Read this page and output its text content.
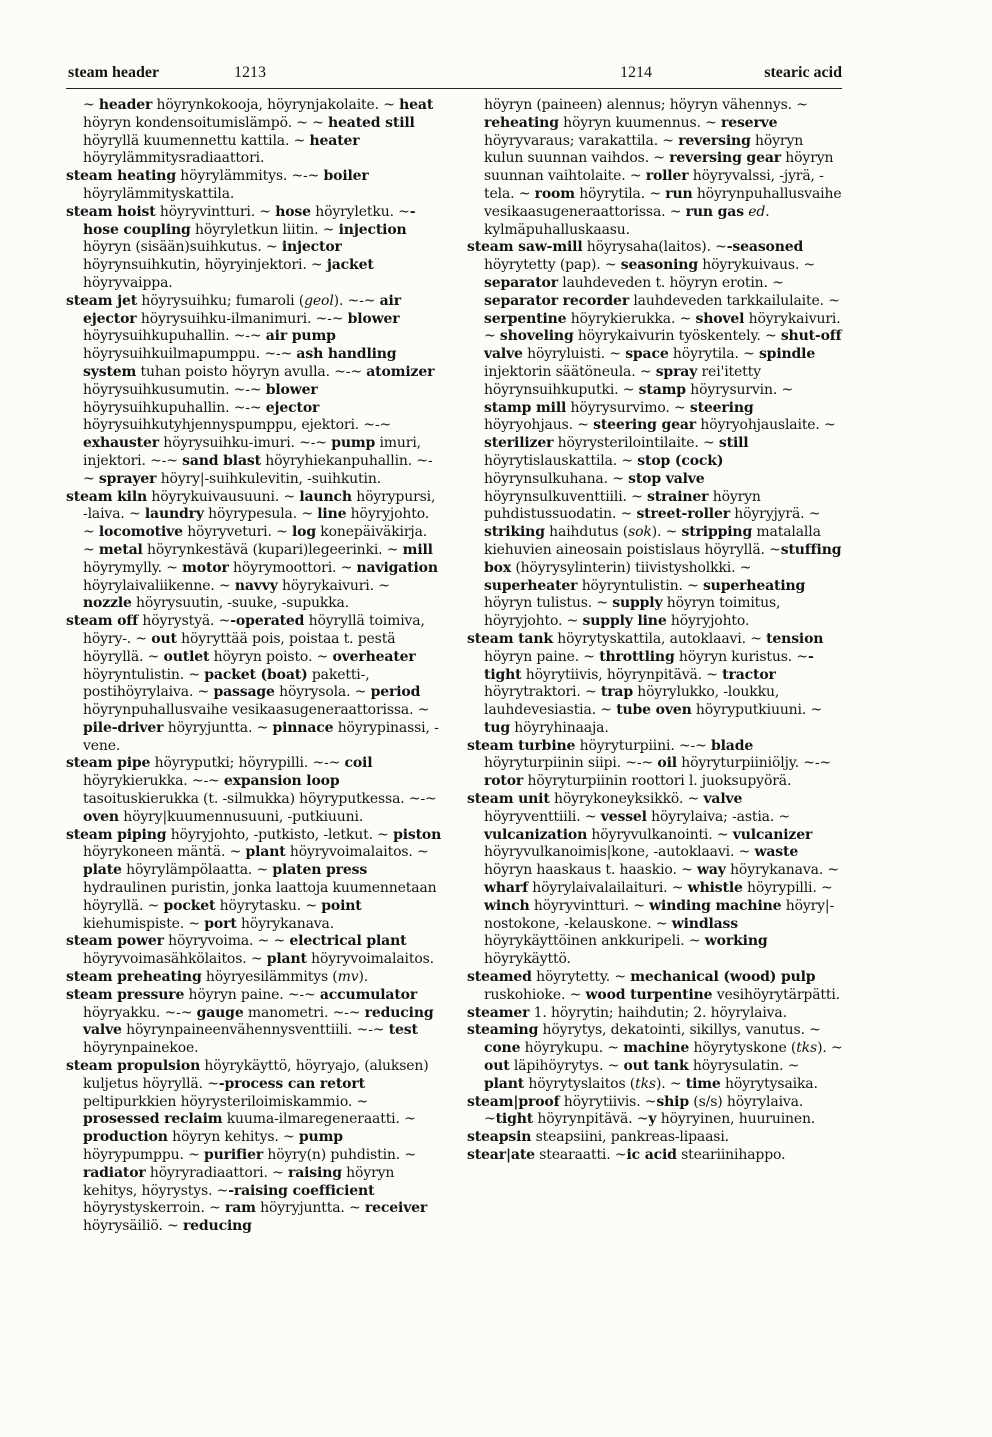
steam header	1213	1214	stearic acid

~ header höyrynkokooja, höyrynjakolaite. ~ heat höyryn kondensoitumislämpö. ~ ~ heated still höyryllä kuumennettu kattila. ~ heater höyrylämmitysradiaattori.

steam heating höyrylämmitys. ~-~ boiler höyrylämmityskattila.

steam hoist höyryvintturi. ~ hose höyryletku. ~-hose coupling höyryletkun liitin. ~ injection höyryn (sisään)suihkutus. ~ injector höyrynsuihkutin, höyryinjektori. ~ jacket höyryvaippa.

steam jet höyrysuihku; fumaroli (geol). ~-~ air ejector höyrysuihku-ilmanimuri. ~-~ blower höyrysuihkupuhallin. ~-~ air pump höyrysuihkuilmapumppu. ~-~ ash handling system tuhan poisto höyryn avulla. ~-~ atomizer höyrysuihkusumutin. ~-~ blower höyrysuihkupuhallin. ~-~ ejector höyrysuihkutyhjennyspumppu, ejektori. ~-~ exhauster höyrysuihku-imuri. ~-~ pump imuri, injektori. ~-~ sand blast höyryhiekanpuhallin. ~-~ sprayer höyry|-suihkulevitin, -suihkutin.

steam kiln höyrykuivausuuni. ~ launch höyrypursi, -laiva. ~ laundry höyrypesula. ~ line höyryjohto. ~ locomotive höyryveturi. ~ log konepäiväkirja. ~ metal höyrynkestävä (kupari)legeerinki. ~ mill höyrymylly. ~ motor höyrymoottori. ~ navigation höyrylaivaliikenne. ~ navvy höyrykaivuri. ~ nozzle höyrysuutin, -suuke, -supukka.

steam off höyrystyä. ~-operated höyryllä toimiva, höyry-. ~ out höyryttää pois, poistaa t. pestä höyryllä. ~ outlet höyryn poisto. ~ overheater höyryntulistin. ~ packet (boat) paketti-, postihöyrylaiva. ~ passage höyrysola. ~ period höyrynpuhallusvaihe vesikaasugeneraattorissa. ~ pile-driver höyryjuntta. ~ pinnace höyrypinassi, -vene.

steam pipe höyryputki; höyrypilli. ~-~ coil höyrykierukka. ~-~ expansion loop tasoituskierukka (t. -silmukka) höyryputkessa. ~-~ oven höyry|kuumennusuuni, -putkiuuni.

steam piping höyryjohto, -putkisto, -letkut. ~ piston höyrykoneen mäntä. ~ plant höyryvoimalaitos. ~ plate höyrylämpölaatta. ~ platen press hydraulinen puristin, jonka laattoja kuumennetaan höyryllä. ~ pocket höyrytasku. ~ point kiehumispiste. ~ port höyrykanava.

steam power höyryvoima. ~ ~ electrical plant höyryvoimasähkölaitos. ~ plant höyryvoimalaitos.

steam preheating höyryesilämmitys (mv).

steam pressure höyryn paine. ~-~ accumulator höyryakku. ~-~ gauge manometri. ~-~ reducing valve höyrynpaineenvähennysventtiili. ~-~ test höyrynpainekoe.

steam propulsion höyrykäyttö, höyryajo, (aluksen) kuljetus höyryllä. ~-process can retort peltipurkkien höyrysteriloimiskammio. ~ prosessed reclaim kuuma-ilmaregeneraatti. ~ production höyryn kehitys. ~ pump höyrypumppu. ~ purifier höyry(n) puhdistin. ~ radiator höyryradiaattori. ~ raising höyryn kehitys, höyrystys. ~-raising coefficient höyrystyskerroin. ~ ram höyryjuntta. ~ receiver höyrysäiliö. ~ reducing

höyryn (paineen) alennus; höyryn vähennys. ~ reheating höyryn kuumennus. ~ reserve höyryvaraus; varakattila. ~ reversing höyryn kulun suunnan vaihdos. ~ reversing gear höyryn suunnan vaihtolaite. ~ roller höyryvalssi, -jyrä, -tela. ~ room höyrytila. ~ run höyrynpuhallusvaihe vesikaasugeneraattorissa. ~ run gas ed. kylmäpuhalluskaasu.

steam saw-mill höyrysaha(laitos). ~-seasoned höyrytetty (pap). ~ seasoning höyrykuivaus. ~ separator lauhdeveden t. höyryn erotin. ~ separator recorder lauhdeveden tarkkailulaite. ~ serpentine höyrykierukka. ~ shovel höyrykaivuri. ~ shoveling höyrykaivurin työskentely. ~ shut-off valve höyryluisti. ~ space höyrytila. ~ spindle injektorin säätöneula. ~ spray rei'itetty höyrynsuihkuputki. ~ stamp höyrysurvin. ~ stamp mill höyrysurvimo. ~ steering höyryohjaus. ~ steering gear höyryohjauslaite. ~ sterilizer höyrysterilointilaite. ~ still höyrytislauskattila. ~ stop (cock) höyrynsulkuhana. ~ stop valve höyrynsulkuventtiili. ~ strainer höyryn puhdistussuodatin. ~ street-roller höyryjyrä. ~ striking haihdutus (sok). ~ stripping matalalla kiehuvien aineosain poistislaus höyryllä. ~stuffing box (höyrysylinterin) tiivistysholkki. ~ superheater höyryntulistin. ~ superheating höyryn tulistus. ~ supply höyryn toimitus, höyryjohto. ~ supply line höyryjohto.

steam tank höyrytyskattila, autoklaavi. ~ tension höyryn paine. ~ throttling höyryn kuristus. ~-tight höyrytiivis, höyrynpitävä. ~ tractor höyrytraktori. ~ trap höyrylukko, -loukku, lauhdevesiastia. ~ tube oven höyryputkiuuni. ~ tug höyryhinaaja.

steam turbine höyryturpiini. ~-~ blade höyryturpiinin siipi. ~-~ oil höyryturpiiniöljy. ~-~ rotor höyryturpiinin roottori l. juoksupyörä.

steam unit höyrykoneyksikkö. ~ valve höyryventtiili. ~ vessel höyrylaiva; -astia. ~ vulcanization höyryvulkanointi. ~ vulcanizer höyryvulkanoimis|kone, -autoklaavi. ~ waste höyryn haaskaus t. haaskio. ~ way höyrykanava. ~ wharf höyrylaivalailaituri. ~ whistle höyrypilli. ~ winch höyryvintturi. ~ winding machine höyry|-nostokone, -kelauskone. ~ windlass höyrykäyttöinen ankkuripeli. ~ working höyrykäyttö.

steamed höyrytetty. ~ mechanical (wood) pulp ruskohioke. ~ wood turpentine vesihöyrytärpätti.

steamer 1. höyrytin; haihdutin; 2. höyrylaiva.

steaming höyrytys, dekatointi, sikillys, vanutus. ~ cone höyrykupu. ~ machine höyrytyskone (tks). ~ out läpihöyrytys. ~ out tank höyrysulatin. ~ plant höyrytyslaitos (tks). ~ time höyrytysaika.

steam|proof höyrytiivis. ~ship (s/s) höyrylaiva. ~tight höyrynpitävä. ~y höyryinen, huuruinen.

steapsin steapsiini, pankreas-lipaasi.

stear|ate stearaatti. ~ic acid steariinihappo.
